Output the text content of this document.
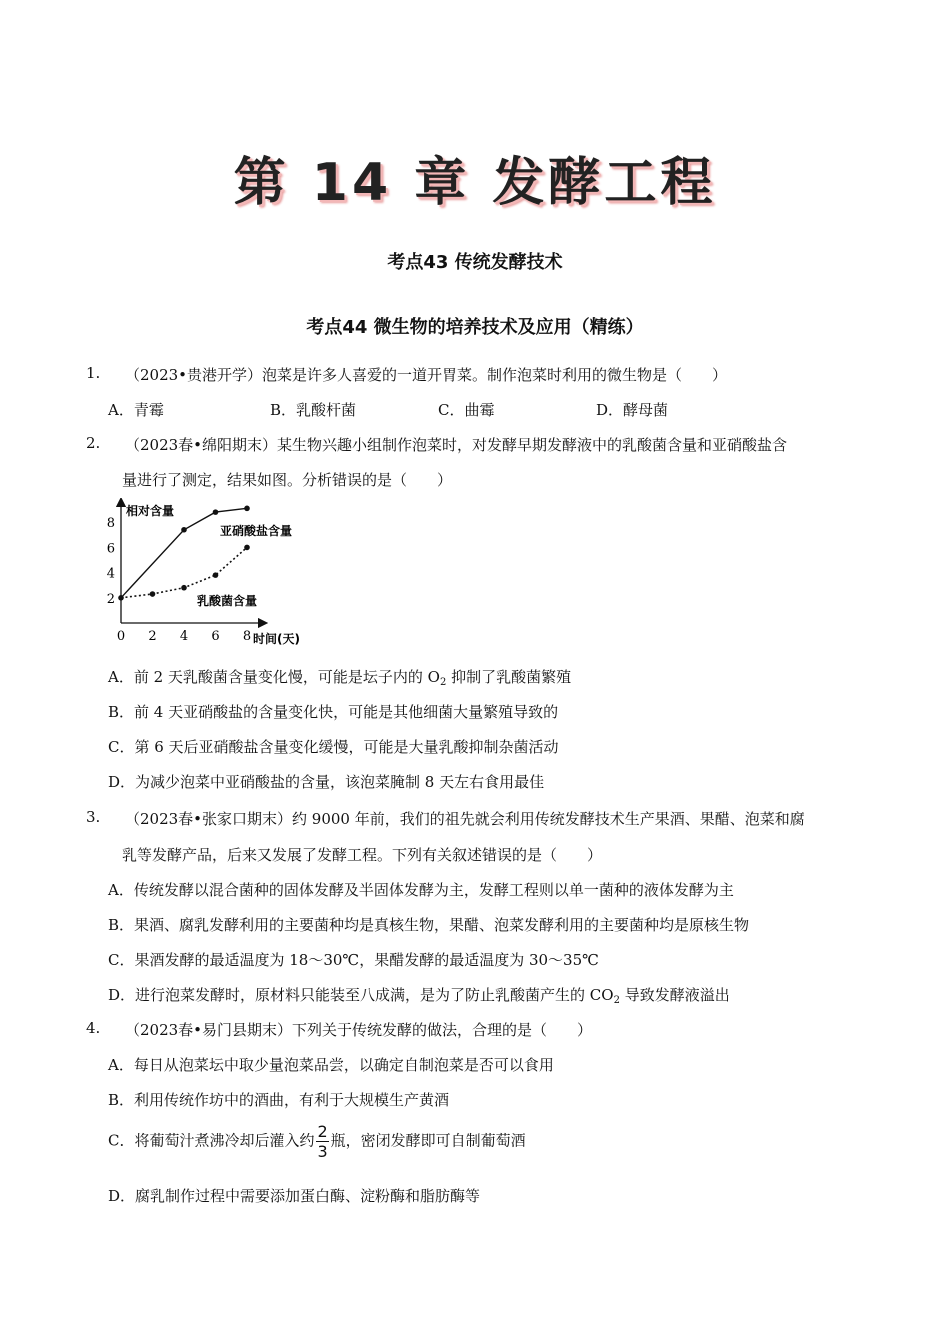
第 14 章 发酵工程
考点43 传统发酵技术
考点44 微生物的培养技术及应用（精练）
1. （2023•贵港开学）泡菜是许多人喜爱的一道开胃菜。制作泡菜时利用的微生物是（　　）
A．青霉	B．乳酸杆菌	C．曲霉	D．酵母菌
2. （2023春•绵阳期末）某生物兴趣小组制作泡菜时，对发酵早期发酵液中的乳酸菌含量和亚硝酸盐含
量进行了测定，结果如图。分析错误的是（　　）
0 2 4 6 8
2
4
6
8
相对含量
时间(天)
亚硝酸盐含量
乳酸菌含量
A．前 2 天乳酸菌含量变化慢，可能是坛子内的 $O_2$ 抑制了乳酸菌繁殖
B．前 4 天亚硝酸盐的含量变化快，可能是其他细菌大量繁殖导致的
C．第 6 天后亚硝酸盐含量变化缓慢，可能是大量乳酸抑制杂菌活动
D．为减少泡菜中亚硝酸盐的含量，该泡菜腌制 8 天左右食用最佳
3. （2023春•张家口期末）约 9000 年前，我们的祖先就会利用传统发酵技术生产果酒、果醋、泡菜和腐
乳等发酵产品，后来又发展了发酵工程。下列有关叙述错误的是（　　）
A．传统发酵以混合菌种的固体发酵及半固体发酵为主，发酵工程则以单一菌种的液体发酵为主
B．果酒、腐乳发酵利用的主要菌种均是真核生物，果醋、泡菜发酵利用的主要菌种均是原核生物
C．果酒发酵的最适温度为 18～30℃，果醋发酵的最适温度为 30～35℃
D．进行泡菜发酵时，原材料只能装至八成满，是为了防止乳酸菌产生的 $CO_2$ 导致发酵液溢出
4. （2023春•易门县期末）下列关于传统发酵的做法，合理的是（　　）
A．每日从泡菜坛中取少量泡菜品尝，以确定自制泡菜是否可以食用
B．利用传统作坊中的酒曲，有利于大规模生产黄酒
C．将葡萄汁煮沸冷却后灌入约 $\frac{2}{3}$ 瓶，密闭发酵即可自制葡萄酒
D．腐乳制作过程中需要添加蛋白酶、淀粉酶和脂肪酶等
